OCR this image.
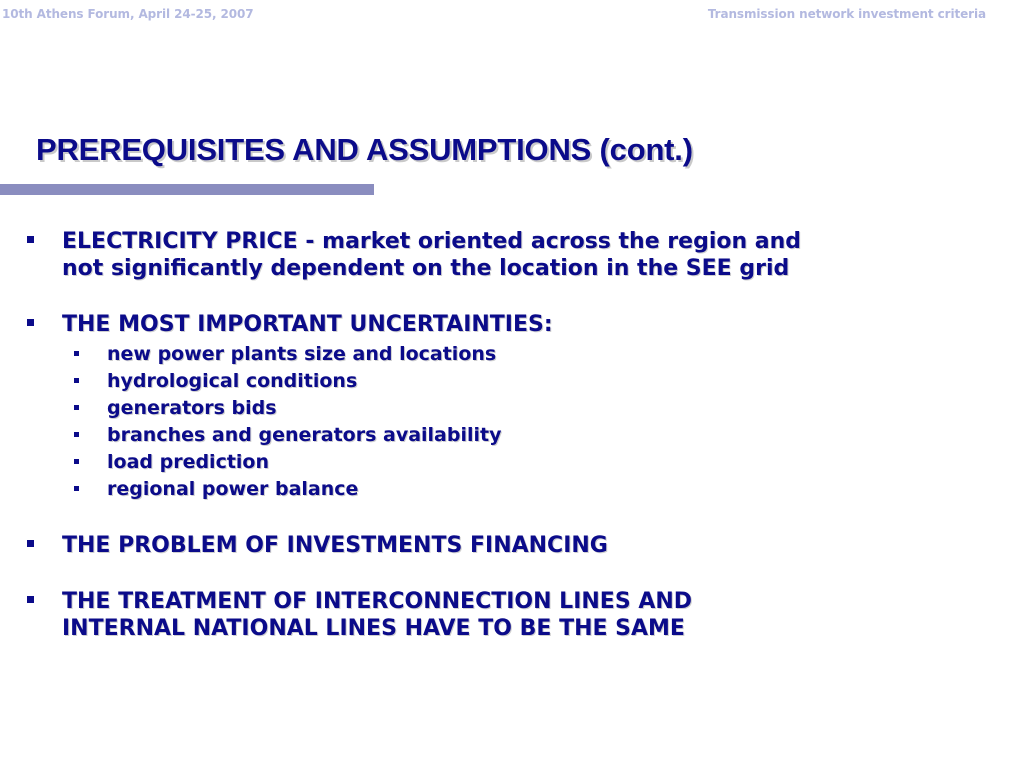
10th Athens Forum, April 24-25, 2007	Transmission network investment criteria
PREREQUISITES AND ASSUMPTIONS (cont.)
ELECTRICITY PRICE - market oriented across the region and
not significantly dependent on the location in the SEE grid
THE MOST IMPORTANT UNCERTAINTIES:
new power plants size and locations
hydrological conditions
generators bids
branches and generators availability
load prediction
regional power balance
THE PROBLEM OF INVESTMENTS FINANCING
THE TREATMENT OF INTERCONNECTION LINES AND
INTERNAL NATIONAL LINES HAVE TO BE THE SAME
